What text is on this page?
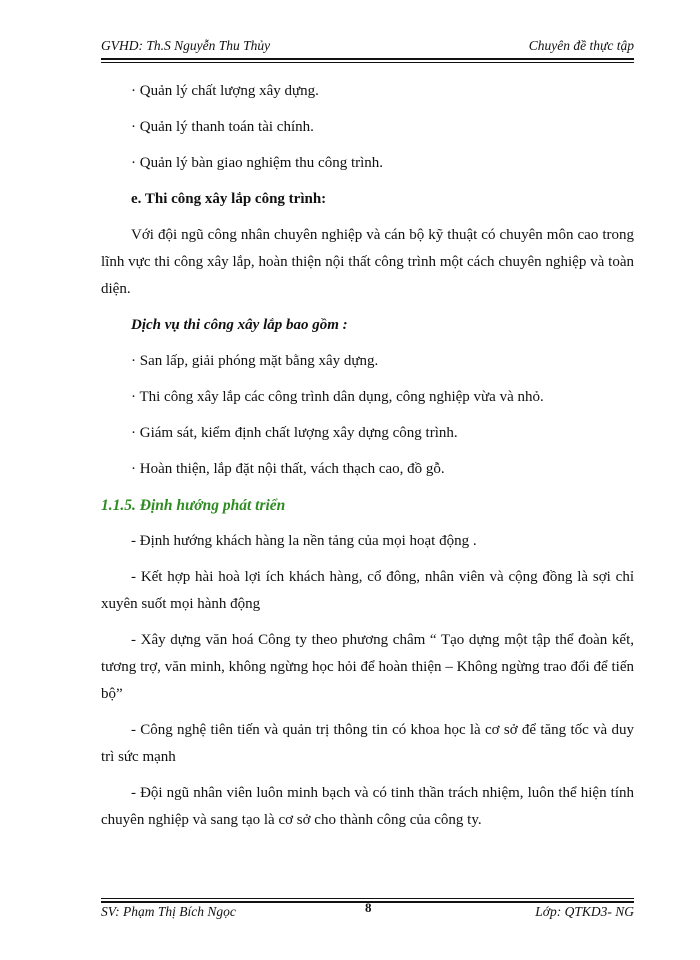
GVHD: Th.S Nguyễn Thu Thủy	Chuyên đề thực tập

· Quản lý chất lượng xây dựng.

· Quản lý thanh toán tài chính.

· Quản lý bàn giao nghiệm thu công trình.

e. Thi công xây lắp công trình:

Với đội ngũ công nhân chuyên nghiệp và cán bộ kỹ thuật có chuyên môn cao trong lĩnh vực thi công xây lắp, hoàn thiện nội thất công trình một cách chuyên nghiệp và toàn diện.

Dịch vụ thi công xây lắp bao gồm :

· San lấp, giải phóng mặt bằng xây dựng.

· Thi công xây lắp các công trình dân dụng, công nghiệp vừa và nhỏ.

· Giám sát, kiểm định chất lượng xây dựng công trình.

· Hoàn thiện, lắp đặt nội thất, vách thạch cao, đồ gỗ.

1.1.5. Định hướng phát triển

- Định hướng khách hàng la nền tảng của mọi hoạt động .

- Kết hợp hài hoà lợi ích khách hàng, cổ đông, nhân viên và cộng đồng là sợi chỉ xuyên suốt mọi hành động

- Xây dựng văn hoá Công ty theo phương châm “ Tạo dựng một tập thể đoàn kết, tương trợ, văn minh, không ngừng học hỏi để hoàn thiện – Không ngừng trao đổi để tiến bộ”

- Công nghệ tiên tiến và quản trị thông tin có khoa học là cơ sở để tăng tốc và duy trì sức mạnh

- Đội ngũ nhân viên luôn minh bạch và có tinh thần trách nhiệm, luôn thể hiện tính chuyên nghiệp và sang tạo là cơ sở cho thành công của công ty.

SV: Phạm Thị Bích Ngọc	8	Lớp: QTKD3- NG
